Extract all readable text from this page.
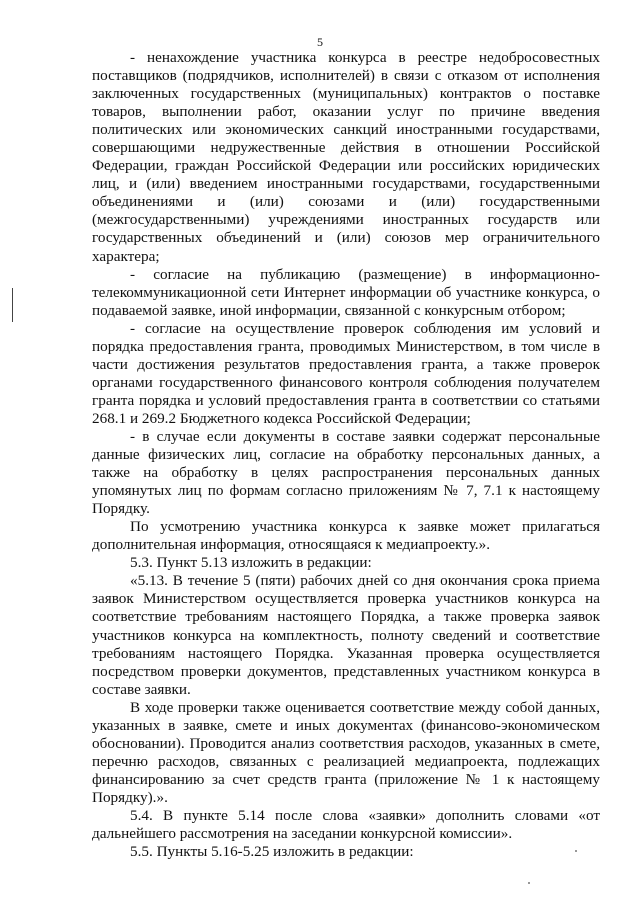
5

- ненахождение участника конкурса в реестре недобросовестных поставщиков (подрядчиков, исполнителей) в связи с отказом от исполнения заключенных государственных (муниципальных) контрактов о поставке товаров, выполнении работ, оказании услуг по причине введения политических или экономических санкций иностранными государствами, совершающими недружественные действия в отношении Российской Федерации, граждан Российской Федерации или российских юридических лиц, и (или) введением иностранными государствами, государственными объединениями и (или) союзами и (или) государственными (межгосударственными) учреждениями иностранных государств или государственных объединений и (или) союзов мер ограничительного характера;

- согласие на публикацию (размещение) в информационно-телекоммуникационной сети Интернет информации об участнике конкурса, о подаваемой заявке, иной информации, связанной с конкурсным отбором;

- согласие на осуществление проверок соблюдения им условий и порядка предоставления гранта, проводимых Министерством, в том числе в части достижения результатов предоставления гранта, а также проверок органами государственного финансового контроля соблюдения получателем гранта порядка и условий предоставления гранта в соответствии со статьями 268.1 и 269.2 Бюджетного кодекса Российской Федерации;

- в случае если документы в составе заявки содержат персональные данные физических лиц, согласие на обработку персональных данных, а также на обработку в целях распространения персональных данных упомянутых лиц по формам согласно приложениям № 7, 7.1 к настоящему Порядку.

По усмотрению участника конкурса к заявке может прилагаться дополнительная информация, относящаяся к медиапроекту.».

5.3. Пункт 5.13 изложить в редакции:

«5.13. В течение 5 (пяти) рабочих дней со дня окончания срока приема заявок Министерством осуществляется проверка участников конкурса на соответствие требованиям настоящего Порядка, а также проверка заявок участников конкурса на комплектность, полноту сведений и соответствие требованиям настоящего Порядка. Указанная проверка осуществляется посредством проверки документов, представленных участником конкурса в составе заявки.

В ходе проверки также оценивается соответствие между собой данных, указанных в заявке, смете и иных документах (финансово-экономическом обосновании). Проводится анализ соответствия расходов, указанных в смете, перечню расходов, связанных с реализацией медиапроекта, подлежащих финансированию за счет средств гранта (приложение № 1 к настоящему Порядку).».

5.4. В пункте 5.14 после слова «заявки» дополнить словами «от дальнейшего рассмотрения на заседании конкурсной комиссии».

5.5. Пункты 5.16-5.25 изложить в редакции:
